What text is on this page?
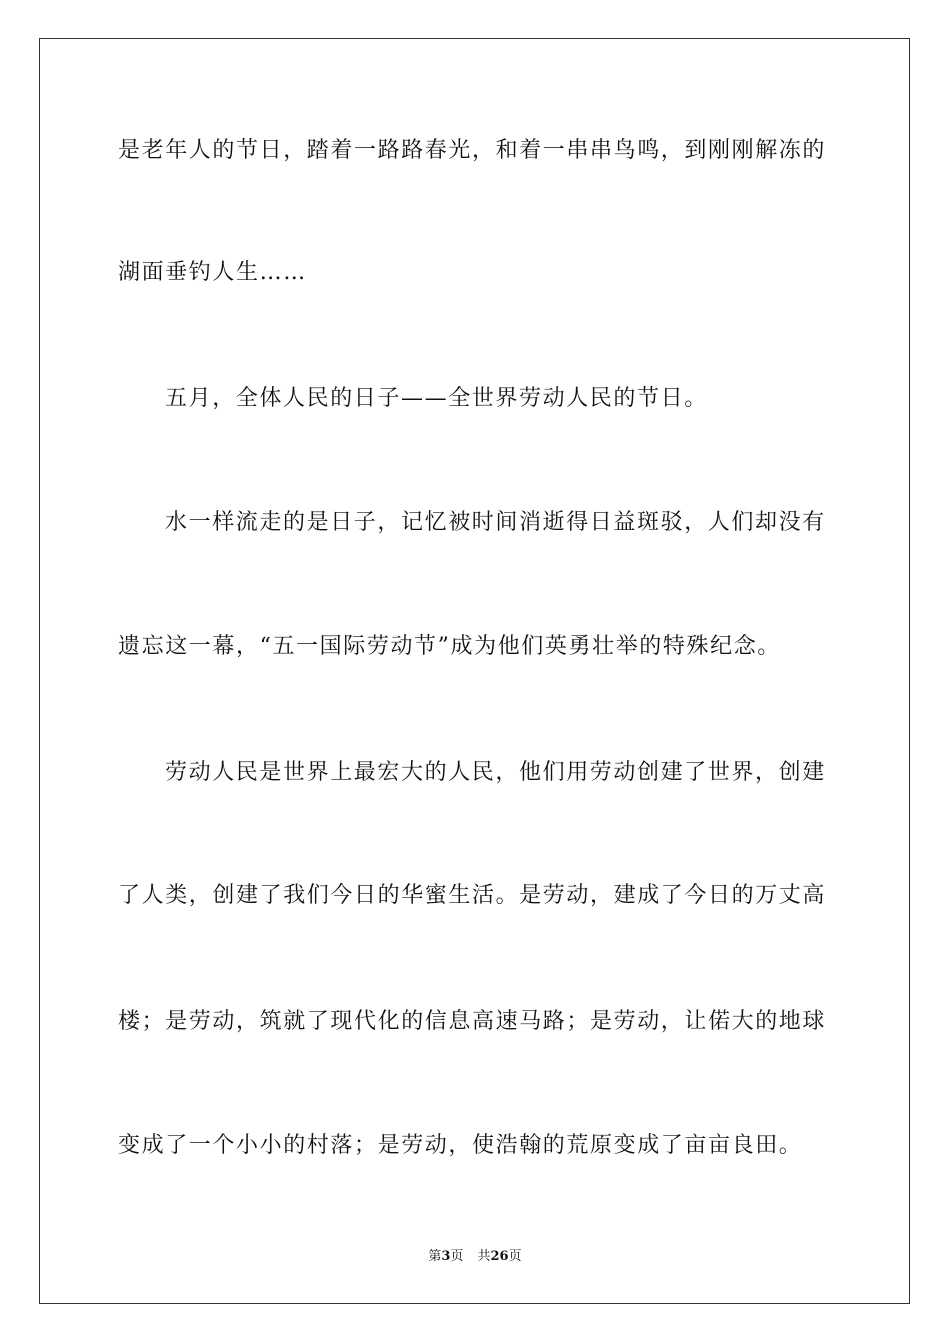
是老年人的节日，踏着一路路春光，和着一串串鸟鸣，到刚刚解冻的
湖面垂钓人生……
五月，全体人民的日子——全世界劳动人民的节日。
水一样流走的是日子，记忆被时间消逝得日益斑驳，人们却没有
遗忘这一幕，“五一国际劳动节”成为他们英勇壮举的特殊纪念。
劳动人民是世界上最宏大的人民，他们用劳动创建了世界，创建
了人类，创建了我们今日的华蜜生活。是劳动，建成了今日的万丈高
楼；是劳动，筑就了现代化的信息高速马路；是劳动，让偌大的地球
变成了一个小小的村落；是劳动，使浩翰的荒原变成了亩亩良田。
第3页 共26页
